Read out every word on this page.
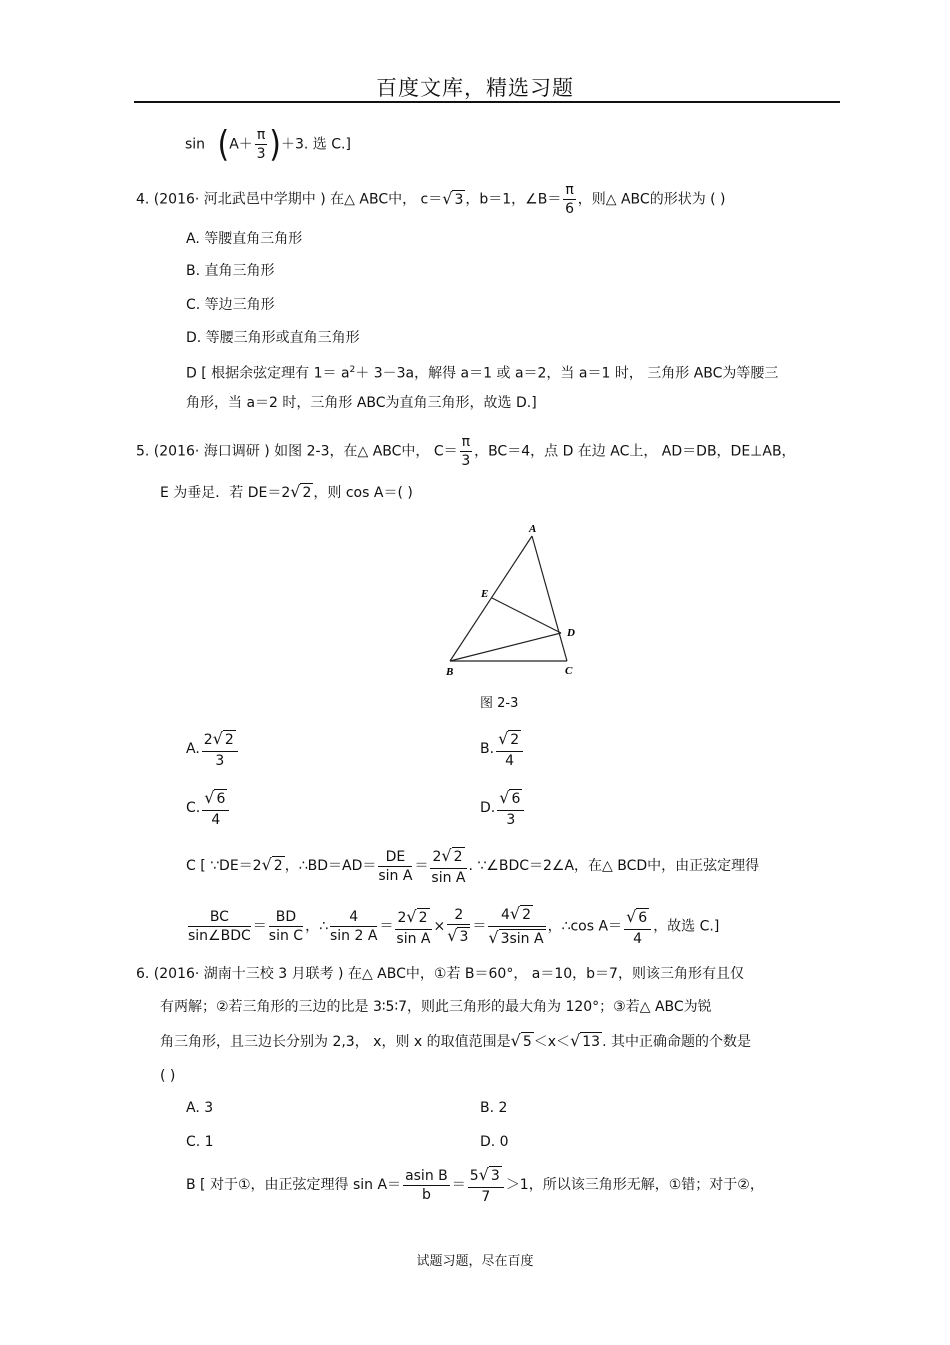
百度文库，精选习题
$\sin (A+ \frac{\pi}{3} )+3$. 选 C.]
4. (2016· 河北武邑中学期中 ) 在△ ABC中， c＝ √ 3 ，b＝1，∠B＝ $\frac{\pi}{6}$ ，则△ ABC的形状为 ( )
A. 等腰直角三角形
B. 直角三角形
C. 等边三角形
D. 等腰三角形或直角三角形
D [ 根据余弦定理有 $1= a^2+ 3-3a$，解得 a＝1 或 a＝2，当 a＝1 时， 三角形 ABC为等腰三
角形，当 a＝2 时，三角形 ABC为直角三角形，故选 D.]
5. (2016· 海口调研 ) 如图 2-3，在△ ABC中， $C= \frac{\pi}{3}$ ，BC＝4，点 D 在边 AC上， AD＝DB，DE⊥AB，
E 为垂足．若 DE＝2 √ 2 ，则 cos A＝( )
A
B	C
D
E
图 2-3
A. $\frac{2 √ 2}{3}$	B. $\frac{√ 2}{4}$
C. $\frac{√ 6}{4}$	D. $\frac{√ 6}{3}$
C [ ∵DE＝2 √ 2 ，∴BD＝AD＝ $\frac{DE}{\text{sin A}} = \frac{2 √ 2}{\text{sin A}}$ . ∵∠BDC＝2∠A，在△ BCD中，由正弦定理得
$\frac{BC}{\text{sin∠BDC}} = \frac{BD}{\text{sin C}}$ ，∴ $\frac{4}{\sin 2 A} = \frac{2 √ 2}{\text{sin A}} \times \frac{2}{√ 3} = \frac{4 √ 2}{\text{√ 3sin A}}$ ，∴cos $A= \frac{√ 6}{4}$ ，故选 C.]
6. (2016· 湖南十三校 3 月联考 ) 在△ ABC中，①若 B＝60°， a＝10，b＝7，则该三角形有且仅
有两解；②若三角形的三边的比是 3∶5∶7，则此三角形的最大角为 120°；③若△ ABC为锐
角三角形，且三边长分别为 2,3， x，则 x 的取值范围是 √ 5 ＜x＜ √ 13 . 其中正确命题的个数是
( )
A. 3	B. 2
C. 1	D. 0
B [ 对于①，由正弦定理得 $\sin A= \frac{\text{asin B}}{b} = \frac{5 √ 3}{7} >1$，所以该三角形无解，①错；对于②，
试题习题，尽在百度
